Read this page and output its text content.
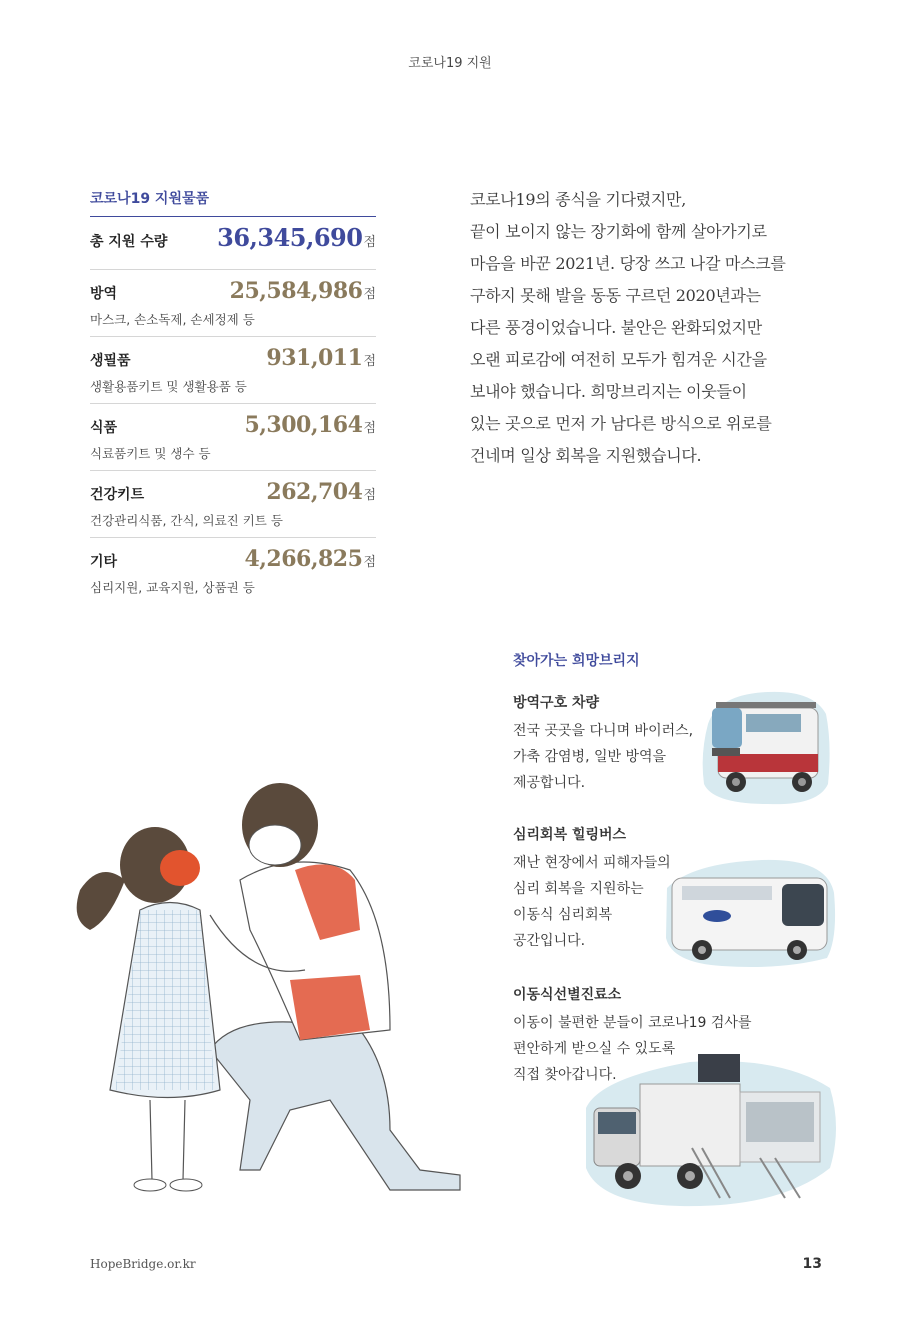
코로나19 지원
코로나19 지원물품
총 지원 수량 36,345,690점
방역	25,584,986점
마스크, 손소독제, 손세정제 등
생필품	931,011점
생활용품키트 및 생활용품 등
식품	5,300,164점
식료품키트 및 생수 등
건강키트	262,704점
건강관리식품, 간식, 의료진 키트 등
기타	4,266,825점
심리지원, 교육지원, 상품권 등
코로나19의 종식을 기다렸지만,
끝이 보이지 않는 장기화에 함께 살아가기로
마음을 바꾼 2021년. 당장 쓰고 나갈 마스크를
구하지 못해 발을 동동 구르던 2020년과는
다른 풍경이었습니다. 불안은 완화되었지만
오랜 피로감에 여전히 모두가 힘겨운 시간을
보내야 했습니다. 희망브리지는 이웃들이
있는 곳으로 먼저 가 남다른 방식으로 위로를
건네며 일상 회복을 지원했습니다.
찾아가는 희망브리지
방역구호 차량
전국 곳곳을 다니며 바이러스,
가축 감염병, 일반 방역을
제공합니다.
심리회복 힐링버스
재난 현장에서 피해자들의
심리 회복을 지원하는
이동식 심리회복
공간입니다.
이동식선별진료소
이동이 불편한 분들이 코로나19 검사를
편안하게 받으실 수 있도록
직접 찾아갑니다.
HopeBridge.or.kr	13
